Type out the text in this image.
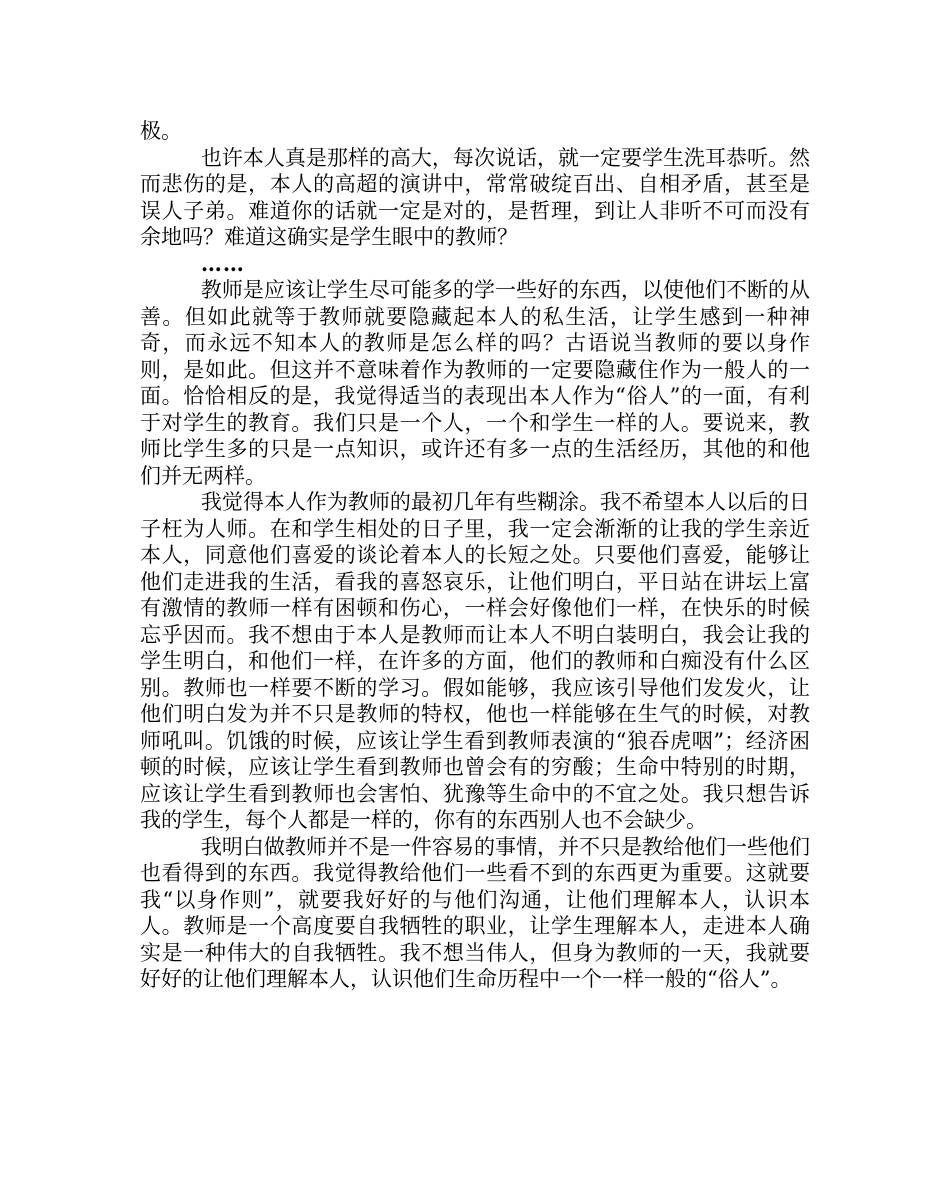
极。

也许本人真是那样的高大，每次说话，就一定要学生洗耳恭听。然而悲伤的是，本人的高超的演讲中，常常破绽百出、自相矛盾，甚至是误人子弟。难道你的话就一定是对的，是哲理，到让人非听不可而没有余地吗？难道这确实是学生眼中的教师？

……

教师是应该让学生尽可能多的学一些好的东西，以使他们不断的从善。但如此就等于教师就要隐藏起本人的私生活，让学生感到一种神奇，而永远不知本人的教师是怎么样的吗？古语说当教师的要以身作则，是如此。但这并不意味着作为教师的一定要隐藏住作为一般人的一面。恰恰相反的是，我觉得适当的表现出本人作为“俗人”的一面，有利于对学生的教育。我们只是一个人，一个和学生一样的人。要说来，教师比学生多的只是一点知识，或许还有多一点的生活经历，其他的和他们并无两样。

我觉得本人作为教师的最初几年有些糊涂。我不希望本人以后的日子枉为人师。在和学生相处的日子里，我一定会渐渐的让我的学生亲近本人，同意他们喜爱的谈论着本人的长短之处。只要他们喜爱，能够让他们走进我的生活，看我的喜怒哀乐，让他们明白，平日站在讲坛上富有激情的教师一样有困顿和伤心，一样会好像他们一样，在快乐的时候忘乎因而。我不想由于本人是教师而让本人不明白装明白，我会让我的学生明白，和他们一样，在许多的方面，他们的教师和白痴没有什么区别。教师也一样要不断的学习。假如能够，我应该引导他们发发火，让他们明白发为并不只是教师的特权，他也一样能够在生气的时候，对教师吼叫。饥饿的时候，应该让学生看到教师表演的“狼吞虎咽”；经济困顿的时候，应该让学生看到教师也曾会有的穷酸；生命中特别的时期，应该让学生看到教师也会害怕、犹豫等生命中的不宜之处。我只想告诉我的学生，每个人都是一样的，你有的东西别人也不会缺少。

我明白做教师并不是一件容易的事情，并不只是教给他们一些他们也看得到的东西。我觉得教给他们一些看不到的东西更为重要。这就要我“以身作则”，就要我好好的与他们沟通，让他们理解本人，认识本人。教师是一个高度要自我牺牲的职业，让学生理解本人，走进本人确实是一种伟大的自我牺牲。我不想当伟人，但身为教师的一天，我就要好好的让他们理解本人，认识他们生命历程中一个一样一般的“俗人”。
